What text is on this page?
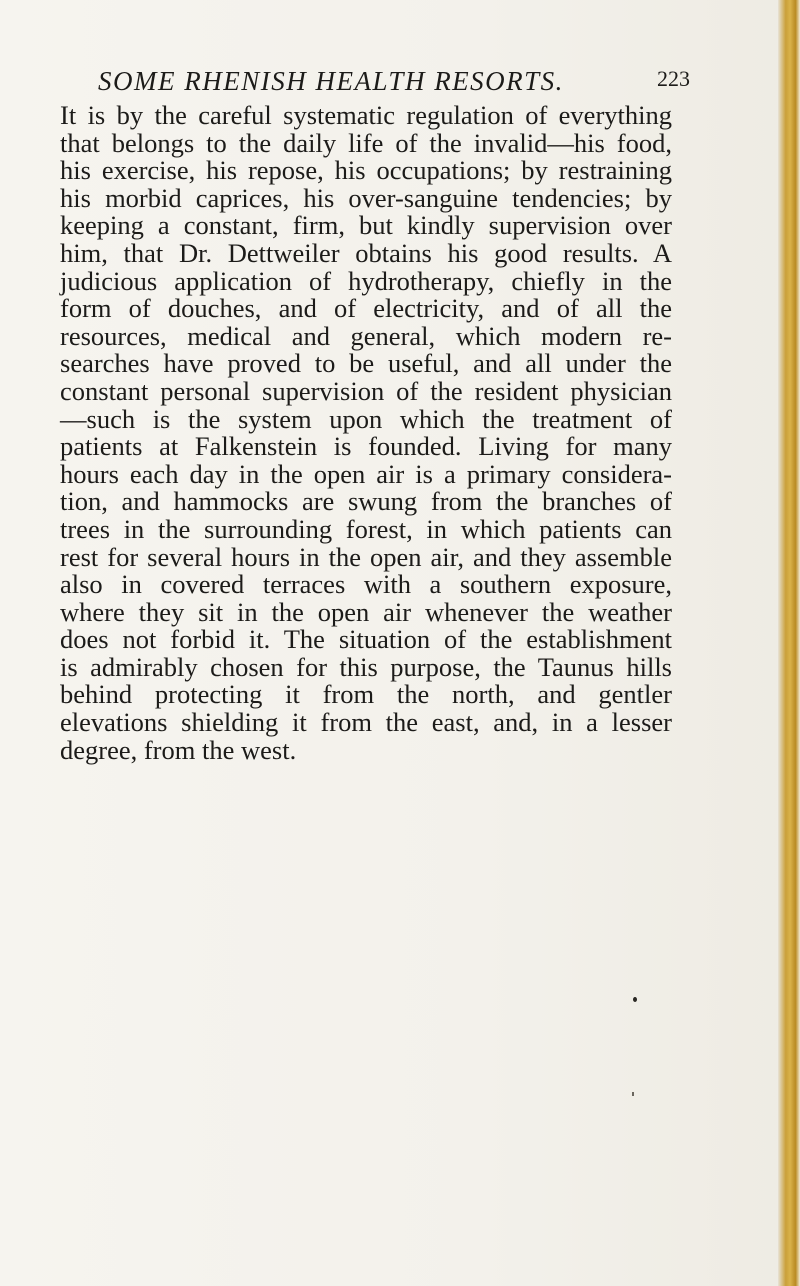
SOME RHENISH HEALTH RESORTS.	223
It is by the careful systematic regulation of everything
that belongs to the daily life of the invalid—his food,
his exercise, his repose, his occupations; by restraining
his morbid caprices, his over-sanguine tendencies; by
keeping a constant, firm, but kindly supervision over
him, that Dr. Dettweiler obtains his good results. A
judicious application of hydrotherapy, chiefly in the
form of douches, and of electricity, and of all the
resources, medical and general, which modern re-
searches have proved to be useful, and all under the
constant personal supervision of the resident physician
—such is the system upon which the treatment of
patients at Falkenstein is founded. Living for many
hours each day in the open air is a primary considera-
tion, and hammocks are swung from the branches of
trees in the surrounding forest, in which patients can
rest for several hours in the open air, and they assemble
also in covered terraces with a southern exposure,
where they sit in the open air whenever the weather
does not forbid it. The situation of the establishment
is admirably chosen for this purpose, the Taunus hills
behind protecting it from the north, and gentler
elevations shielding it from the east, and, in a lesser
degree, from the west.
